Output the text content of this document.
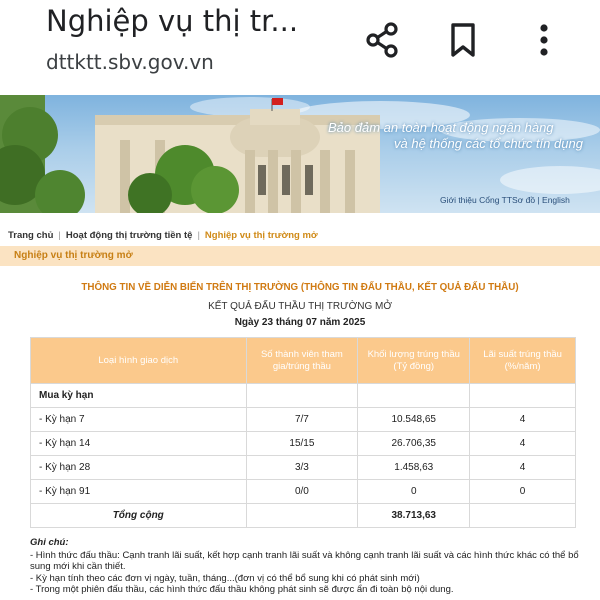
Nghiệp vụ thị tr...
dttktt.sbv.gov.vn
Bảo đảm an toàn hoạt động ngân hàng
và hệ thống các tổ chức tín dụng
Giới thiệu Cổng TTSơ đồ | English
Trang chủ | Hoạt động thị trường tiền tệ | Nghiệp vụ thị trường mở
Nghiệp vụ thị trường mở
THÔNG TIN VỀ DIỄN BIẾN TRÊN THỊ TRƯỜNG (THÔNG TIN ĐẤU THẦU, KẾT QUẢ ĐẤU THẦU)
KẾT QUẢ ĐẤU THẦU THỊ TRƯỜNG MỞ
Ngày 23 tháng 07 năm 2025
Loại hình giao dịch	Số thành viên tham gia/trúng thầu	Khối lượng trúng thầu (Tỷ đồng)	Lãi suất trúng thầu (%/năm)
Mua kỳ hạn			
- Kỳ hạn 7	7/7	10.548,65	4
- Kỳ hạn 14	15/15	26.706,35	4
- Kỳ hạn 28	3/3	1.458,63	4
- Kỳ hạn 91	0/0	0	0
Tổng cộng		38.713,63	
Ghi chú:
- Hình thức đấu thầu: Cạnh tranh lãi suất, kết hợp cạnh tranh lãi suất và không cạnh tranh lãi suất và các hình thức khác có thể bổ sung mới khi cần thiết.
- Kỳ hạn tính theo các đơn vị ngày, tuần, tháng...(đơn vị có thể bổ sung khi có phát sinh mới)
- Trong một phiên đấu thầu, các hình thức đấu thầu không phát sinh sẽ được ẩn đi toàn bộ nội dung.
